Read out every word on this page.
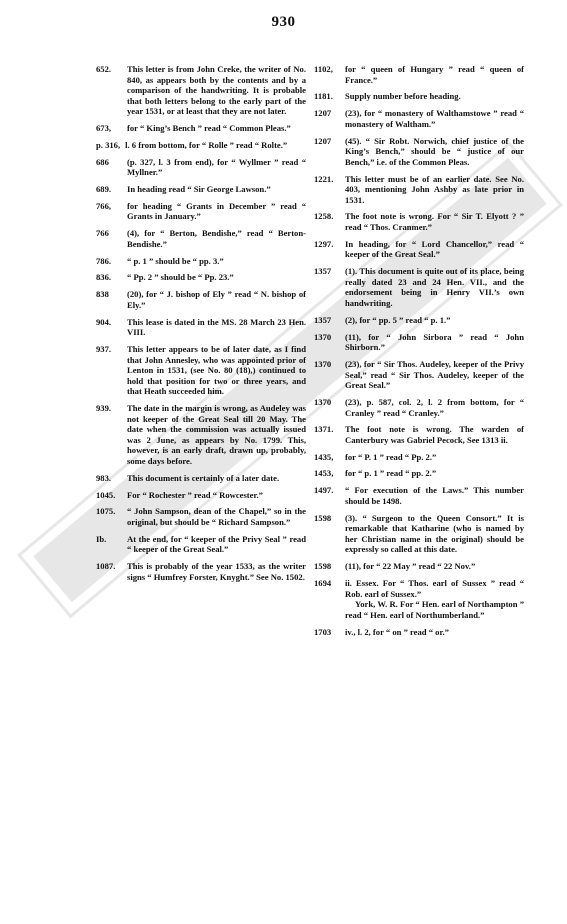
930
652.	This letter is from John Creke, the writer of No. 840, as appears both by the contents and by a comparison of the handwriting. It is probable that both letters belong to the early part of the year 1531, or at least that they are not later.
673,	for “ King’s Bench ” read “ Common Pleas.”
p. 316, l. 6 from bottom, for “ Rolle ” read “ Rolte.”
686	(p. 327, l. 3 from end), for “ Wyllmer ” read “ Myllner.”
689.	In heading read “ Sir George Lawson.”
766,	for heading “ Grants in December ” read “ Grants in January.”
766	(4), for “ Berton, Bendishe,” read “ Berton-Bendishe.”
786.	“ p. 1 ” should be “ pp. 3.”
836.	“ Pp. 2 ” should be “ Pp. 23.”
838	(20), for “ J. bishop of Ely ” read “ N. bishop of Ely.”
904.	This lease is dated in the MS. 28 March 23 Hen. VIII.
937.	This letter appears to be of later date, as I find that John Annesley, who was appointed prior of Lenton in 1531, (see No. 80 (18),) continued to hold that position for two or three years, and that Heath succeeded him.
939.	The date in the margin is wrong, as Audeley was not keeper of the Great Seal till 20 May. The date when the commission was actually issued was 2 June, as appears by No. 1799. This, however, is an early draft, drawn up, probably, some days before.
983.	This document is certainly of a later date.
1045.	For “ Rochester ” read “ Rowcester.”
1075.	“ John Sampson, dean of the Chapel,” so in the original, but should be “ Richard Sampson.”
Ib.	At the end, for “ keeper of the Privy Seal ” read “ keeper of the Great Seal.”
1087.	This is probably of the year 1533, as the writer signs “ Humfrey Forster, Knyght.” See No. 1502.
1102,	for “ queen of Hungary ” read “ queen of France.”
1181.	Supply number before heading.
1207	(23), for “ monastery of Walthamstowe ” read “ monastery of Waltham.”
1207	(45). “ Sir Robt. Norwich, chief justice of the King’s Bench,” should be “ justice of our Bench,” i.e. of the Common Pleas.
1221.	This letter must be of an earlier date. See No. 403, mentioning John Ashby as late prior in 1531.
1258.	The foot note is wrong. For “ Sir T. Elyott ? ” read “ Thos. Cranmer.”
1297.	In heading, for “ Lord Chancellor,” read “ keeper of the Great Seal.”
1357	(1). This document is quite out of its place, being really dated 23 and 24 Hen. VII., and the endorsement being in Henry VII.’s own handwriting.
1357	(2), for “ pp. 5 ” read “ p. 1.”
1370	(11), for “ John Sirbora ” read “ John Shirborn.”
1370	(23), for “ Sir Thos. Audeley, keeper of the Privy Seal,” read “ Sir Thos. Audeley, keeper of the Great Seal.”
1370	(23), p. 587, col. 2, l. 2 from bottom, for “ Cranley ” read “ Cranley.”
1371.	The foot note is wrong. The warden of Canterbury was Gabriel Pecock, See 1313 ii.
1435,	for “ P. 1 ” read “ Pp. 2.”
1453,	for “ p. 1 ” read “ pp. 2.”
1497.	“ For execution of the Laws.” This number should be 1498.
1598	(3). “ Surgeon to the Queen Consort.” It is remarkable that Katharine (who is named by her Christian name in the original) should be expressly so called at this date.
1598	(11), for “ 22 May ” read “ 22 Nov.”
1694	ii. Essex. For “ Thos. earl of Sussex ” read “ Rob. earl of Sussex.”
York, W. R. For “ Hen. earl of Northampton ” read “ Hen. earl of Northumberland.”
1703	iv., l. 2, for “ on ” read “ or.”
